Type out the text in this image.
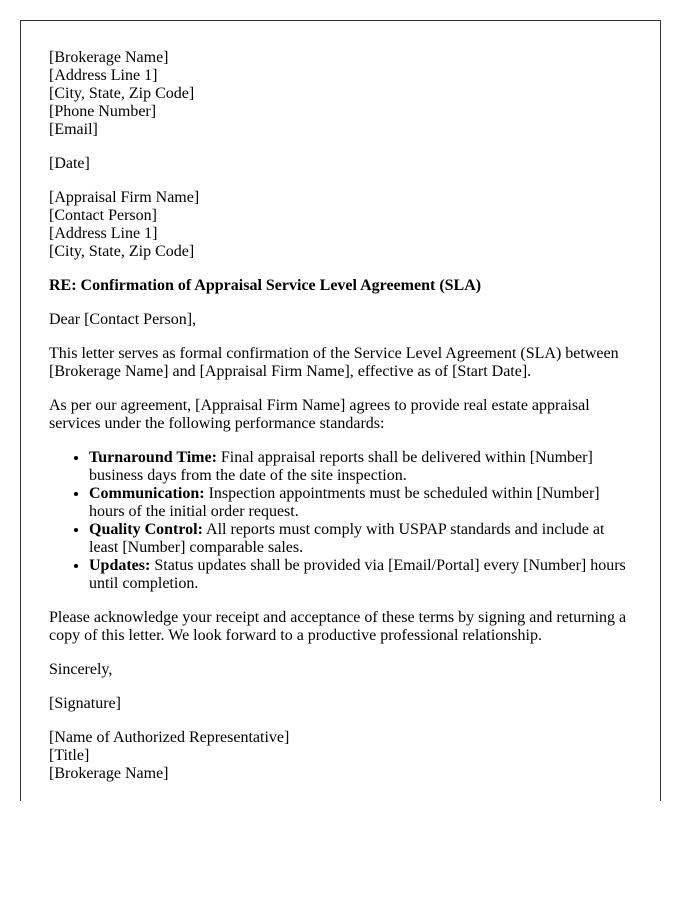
[Brokerage Name]
[Address Line 1]
[City, State, Zip Code]
[Phone Number]
[Email]

[Date]

[Appraisal Firm Name]
[Contact Person]
[Address Line 1]
[City, State, Zip Code]

RE: Confirmation of Appraisal Service Level Agreement (SLA)

Dear [Contact Person],

This letter serves as formal confirmation of the Service Level Agreement (SLA) between [Brokerage Name] and [Appraisal Firm Name], effective as of [Start Date].

As per our agreement, [Appraisal Firm Name] agrees to provide real estate appraisal services under the following performance standards:

• Turnaround Time: Final appraisal reports shall be delivered within [Number] business days from the date of the site inspection.
• Communication: Inspection appointments must be scheduled within [Number] hours of the initial order request.
• Quality Control: All reports must comply with USPAP standards and include at least [Number] comparable sales.
• Updates: Status updates shall be provided via [Email/Portal] every [Number] hours until completion.

Please acknowledge your receipt and acceptance of these terms by signing and returning a copy of this letter. We look forward to a productive professional relationship.

Sincerely,

[Signature]

[Name of Authorized Representative]
[Title]
[Brokerage Name]
